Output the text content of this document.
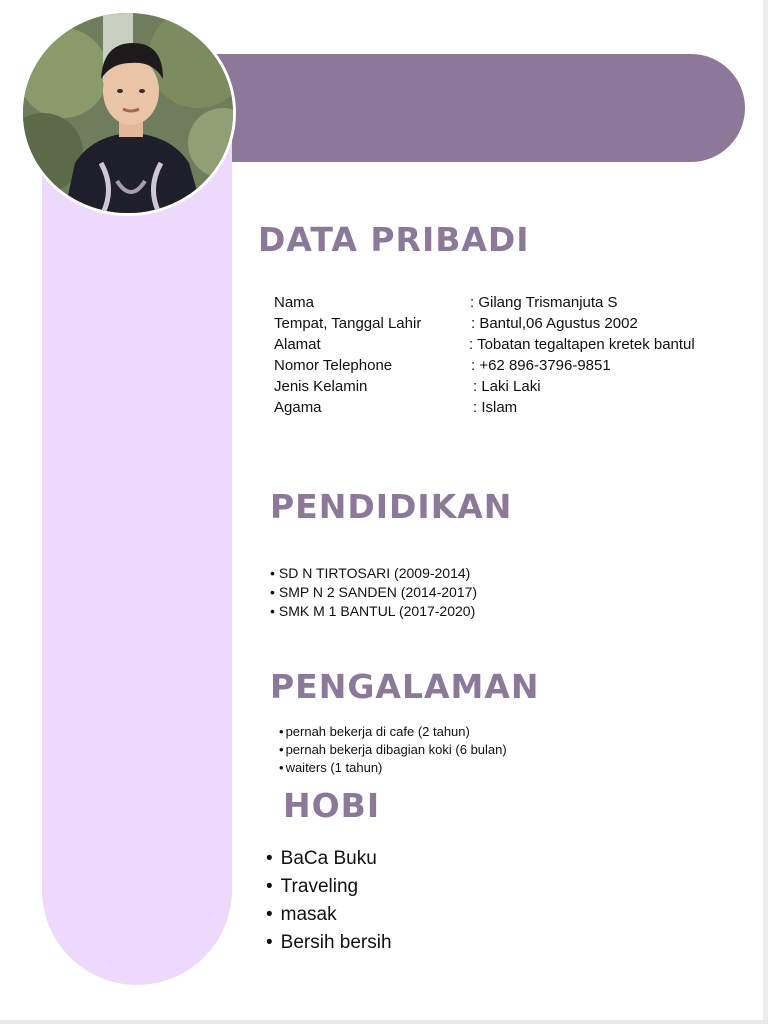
DATA PRIBADI
Nama	: Gilang Trismanjuta S
Tempat, Tanggal Lahir	: Bantul,06 Agustus 2002
Alamat	: Tobatan tegaltapen kretek bantul
Nomor Telephone	: +62 896-3796-9851
Jenis Kelamin	: Laki Laki
Agama	: Islam
PENDIDIKAN
• SD N TIRTOSARI (2009-2014)
• SMP N 2 SANDEN (2014-2017)
• SMK M 1 BANTUL (2017-2020)
PENGALAMAN
• pernah bekerja di cafe (2 tahun)
• pernah bekerja dibagian koki (6 bulan)
• waiters (1 tahun)
HOBI
• BaCa Buku
• Traveling
• masak
• Bersih bersih
